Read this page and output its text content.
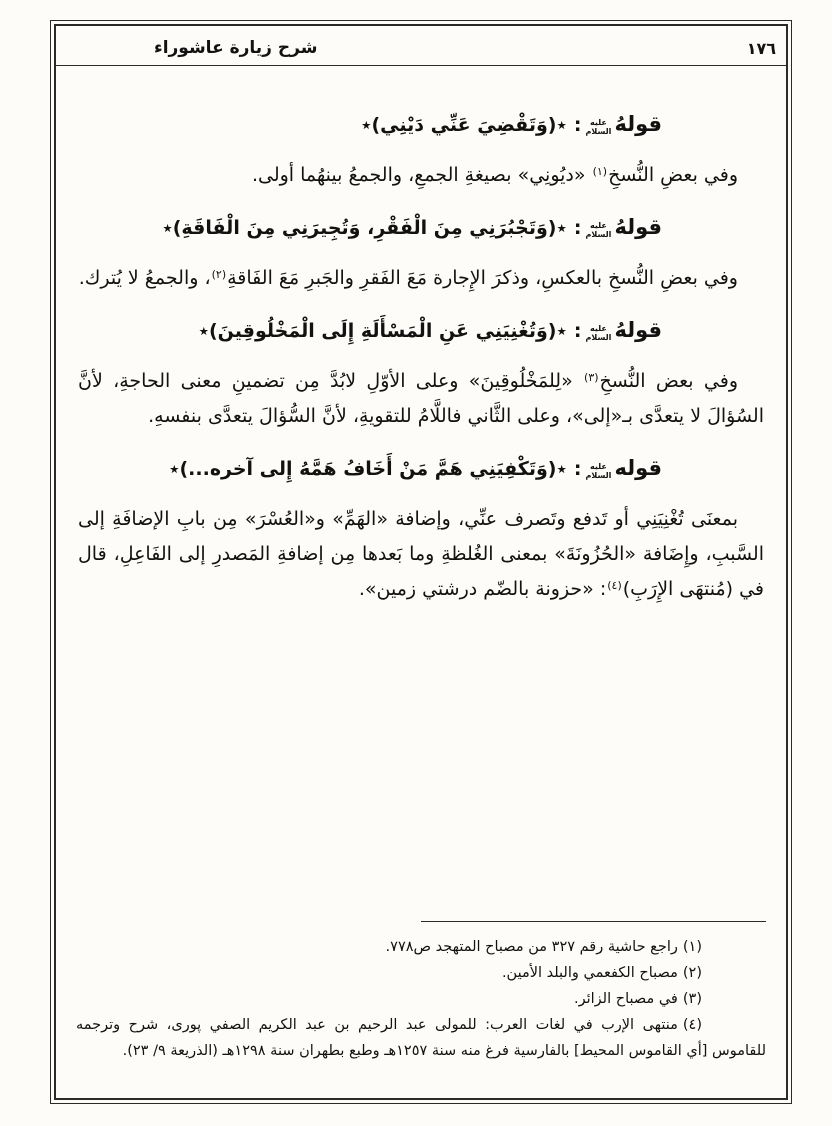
شرح زيارة عاشوراء	١٧٦

قولهُعليه السلام:٭(وَتَقْضِيَ عَنِّي دَيْنِي)٭

وفي بعضِ النُّسخِ$^{(١)}$ «ديُونِي» بصيغةِ الجمعِ، والجمعُ بينهُما أولى.

قولهُعليه السلام:٭(وَتَجْبُرَنِي مِنَ الْفَقْرِ، وَتُجِيرَنِي مِنَ الْفَاقَةِ)٭

وفي بعضِ النُّسخِ بالعكسِ، وذكرَ الإِجارة مَعَ الفَقرِ والجَبرِ مَعَ الفَاقةِ$^{(٢)}$، والجمعُ لا يُترك.

قولهُعليه السلام:٭(وَتُغْنِيَنِي عَنِ الْمَسْأَلَةِ إِلَى الْمَخْلُوقِينَ)٭

وفي بعض النُّسخِ$^{(٣)}$ «لِلمَخْلُوقِينَ» وعلى الأوّلِ لابُدَّ مِن تضمينِ معنى الحاجةِ، لأنَّ السُؤالَ لا يتعدَّى بـ«إلى»، وعلى الثَّاني فاللَّامُ للتقويةِ، لأنَّ السُّؤالَ يتعدَّى بنفسهِ.

قولهعليه السلام:٭(وَتَكْفِيَنِي هَمَّ مَنْ أَخَافُ هَمَّهُ إِلى آخره...)٭

بمعنَى تُغْنِيَنِي أو تَدفع وتَصرف عنِّي، وإضافة «الهَمِّ» و«العُسْرَ» مِن بابِ الإضافَةِ إلى السَّببِ، وإِضَافة «الحُزُونَةَ» بمعنى الغُلظةِ وما بَعدها مِن إضافةِ المَصدرِ إلى الفَاعِلِ، قال في (مُنتهَى الإِرَبِ)$^{(٤)}$: «حزونة بالضّم درشتي زمين».

(١)راجع حاشية رقم ٣٢٧ من مصباح المتهجد ص٧٧٨.

(٢)مصباح الكفعمي والبلد الأمين.

(٣)في مصباح الزائر.

(٤)منتهى الإرب في لغات العرب: للمولى عبد الرحيم بن عبد الكريم الصفي پوری، شرح وترجمه للقاموس [أي القاموس المحيط] بالفارسية فرغ منه سنة ١٢٥٧هـ وطبع بطهران سنة ١٢٩٨هـ (الذريعة ٩/ ٢٣).
